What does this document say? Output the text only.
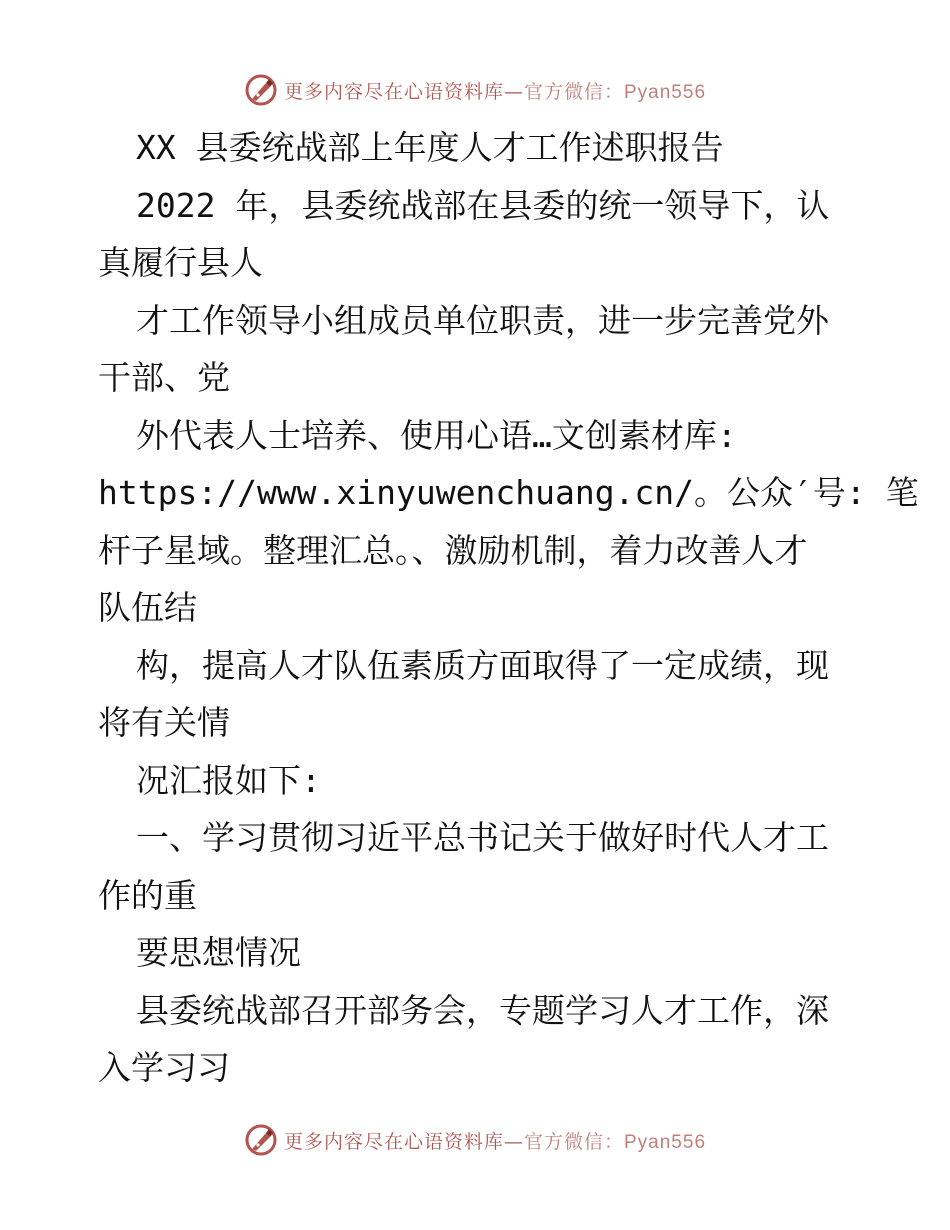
更多内容尽在心语资料库—官方微信：Pyan556
XX 县委统战部上年度人才工作述职报告
2022 年，县委统战部在县委的统一领导下，认
真履行县人
才工作领导小组成员单位职责，进一步完善党外
干部、党
外代表人士培养、使用心语…文创素材库:
https://www.xinyuwenchuang.cn/。公众′号: 笔
杆子星域。整理汇总。、激励机制，着力改善人才
队伍结
构，提高人才队伍素质方面取得了一定成绩，现
将有关情
况汇报如下:
一、学习贯彻习近平总书记关于做好时代人才工
作的重
要思想情况
县委统战部召开部务会，专题学习人才工作，深
入学习习
更多内容尽在心语资料库—官方微信：Pyan556
